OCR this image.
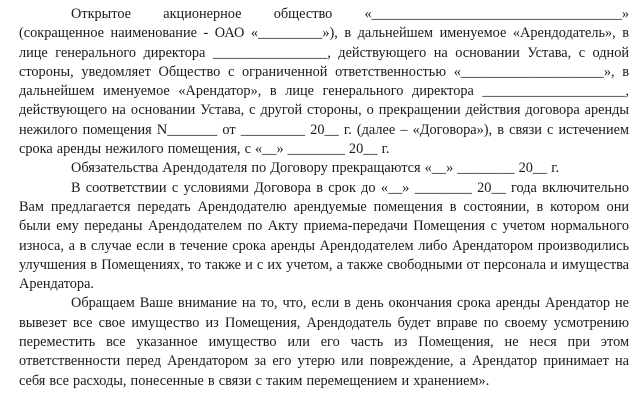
Открытое акционерное общество «___________________________________» (сокращенное наименование - ОАО «_________»), в дальнейшем именуемое «Арендодатель», в лице генерального директора ________________, действующего на основании Устава, с одной стороны, уведомляет Общество с ограниченной ответственностью «____________________», в дальнейшем именуемое «Арендатор», в лице генерального директора ____________________, действующего на основании Устава, с другой стороны, о прекращении действия договора аренды нежилого помещения N_______ от _________ 20__ г. (далее – «Договора»), в связи с истечением срока аренды нежилого помещения, с «__» ________ 20__ г.

Обязательства Арендодателя по Договору прекращаются «__» ________ 20__ г.

В соответствии с условиями Договора в срок до «__» ________ 20__ года включительно Вам предлагается передать Арендодателю арендуемые помещения в состоянии, в котором они были ему переданы Арендодателем по Акту приема-передачи Помещения с учетом нормального износа, а в случае если в течение срока аренды Арендодателем либо Арендатором производились улучшения в Помещениях, то также и с их учетом, а также свободными от персонала и имущества Арендатора.

Обращаем Ваше внимание на то, что, если в день окончания срока аренды Арендатор не вывезет все свое имущество из Помещения, Арендодатель будет вправе по своему усмотрению переместить все указанное имущество или его часть из Помещения, не неся при этом ответственности перед Арендатором за его утерю или повреждение, а Арендатор принимает на себя все расходы, понесенные в связи с таким перемещением и хранением».
